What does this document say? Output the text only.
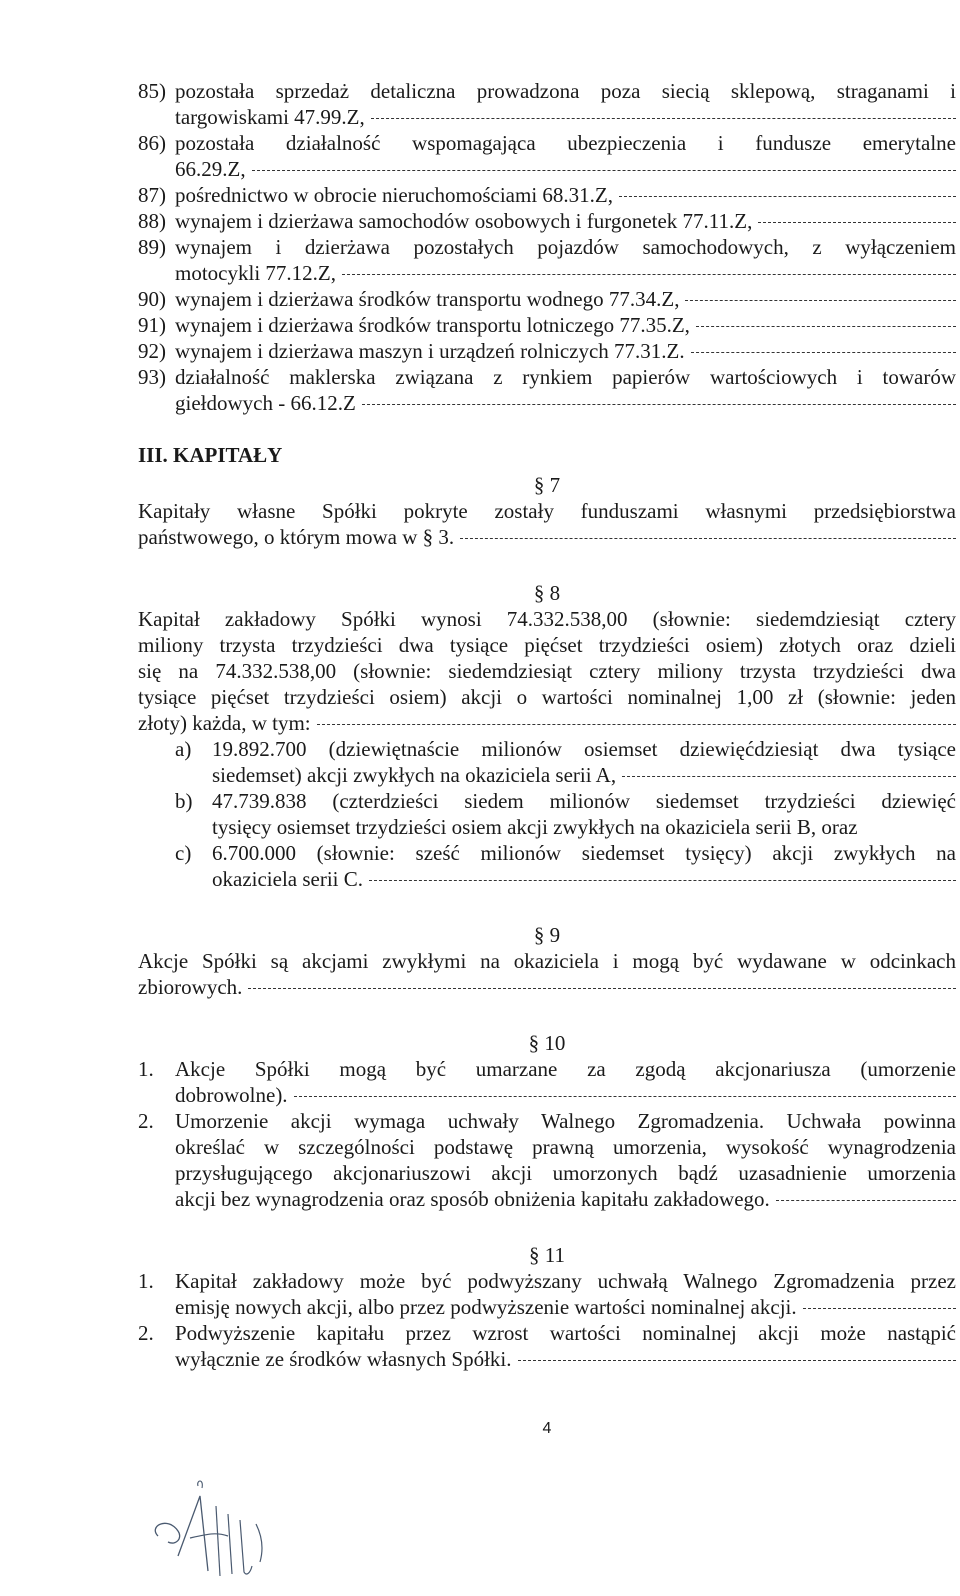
85) pozostała sprzedaż detaliczna prowadzona poza siecią sklepową, straganami i
targowiskami 47.99.Z,
86) pozostała działalność wspomagająca ubezpieczenia i fundusze emerytalne
66.29.Z,
87) pośrednictwo w obrocie nieruchomościami 68.31.Z,
88) wynajem i dzierżawa samochodów osobowych i furgonetek 77.11.Z,
89) wynajem i dzierżawa pozostałych pojazdów samochodowych, z wyłączeniem
motocykli 77.12.Z,
90) wynajem i dzierżawa środków transportu wodnego 77.34.Z,
91) wynajem i dzierżawa środków transportu lotniczego 77.35.Z,
92) wynajem i dzierżawa maszyn i urządzeń rolniczych 77.31.Z.
93) działalność maklerska związana z rynkiem papierów wartościowych i towarów
giełdowych - 66.12.Z
III. KAPITAŁY
§ 7
Kapitały własne Spółki pokryte zostały funduszami własnymi przedsiębiorstwa
państwowego, o którym mowa w § 3.
§ 8
Kapitał zakładowy Spółki wynosi 74.332.538,00 (słownie: siedemdziesiąt cztery
miliony trzysta trzydzieści dwa tysiące pięćset trzydzieści osiem) złotych oraz dzieli
się na 74.332.538,00 (słownie: siedemdziesiąt cztery miliony trzysta trzydzieści dwa
tysiące pięćset trzydzieści osiem) akcji o wartości nominalnej 1,00 zł (słownie: jeden
złoty) każda, w tym:
a) 19.892.700 (dziewiętnaście milionów osiemset dziewięćdziesiąt dwa tysiące
siedemset) akcji zwykłych na okaziciela serii A,
b) 47.739.838 (czterdzieści siedem milionów siedemset trzydzieści dziewięć
tysięcy osiemset trzydzieści osiem akcji zwykłych na okaziciela serii B, oraz
c) 6.700.000 (słownie: sześć milionów siedemset tysięcy) akcji zwykłych na
okaziciela serii C.
§ 9
Akcje Spółki są akcjami zwykłymi na okaziciela i mogą być wydawane w odcinkach
zbiorowych.
§ 10
1.	Akcje Spółki mogą być umarzane za zgodą akcjonariusza (umorzenie
dobrowolne).
2.	Umorzenie akcji wymaga uchwały Walnego Zgromadzenia. Uchwała powinna
określać w szczególności podstawę prawną umorzenia, wysokość wynagrodzenia
przysługującego akcjonariuszowi akcji umorzonych bądź uzasadnienie umorzenia
akcji bez wynagrodzenia oraz sposób obniżenia kapitału zakładowego.
§ 11
1.	Kapitał zakładowy może być podwyższany uchwałą Walnego Zgromadzenia przez
emisję nowych akcji, albo przez podwyższenie wartości nominalnej akcji.
2.	Podwyższenie kapitału przez wzrost wartości nominalnej akcji może nastąpić
wyłącznie ze środków własnych Spółki.
4
